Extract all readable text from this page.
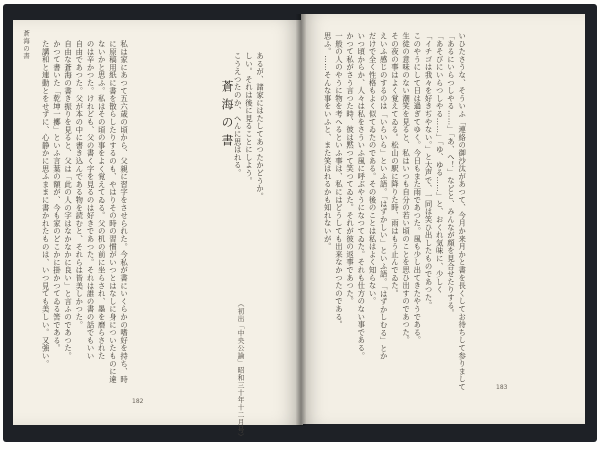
蒼海の書	私は家にあつて五六歳の頃から、父親に習字をさせられた。今私が書にいくらかの嗜好を持ち、時
に原稿用紙に書を散らしたりするのも、やはりその時の習慣がいつとはなしに身についたものに違
ないかと思ふ。私はその頃の事をよく覚えてゐる。父の机の前に坐らされ、墨を磨らされた
のは辛かつた。けれども、父の書く字を見るのは好きであつた。それは誰の書の話でもいい
自由であつた。父が本の中に書き込んである物を読むと、それらは皆美しかつた。
自由な蒼海の書き振りを見ると、父は「此の人の字はなかなかに良い」と言ふのであつた。
かつて書いた「乾坤一擲」といふ言葉の額が、今も家のどこかに掛かつてゐる筈である。
た講和と連動とをせずに、心静かに思ふままに書かれたものは、いつ見ても美しい。又強い。	蒼海の書	あるが、諸家にはたしてあつたかどうか。
しい。それは後に見ることにしよう。
こうえつたのか、へんに思はれる。
（初出「中央公論」昭和三十年十二月号）
182
いひたさうな、そういふ「連絡の御沙汰があつて、今月か来月かと書を長くしてお待ちして参りまして
「あるにいらつしやる……」「あ、へ！」などと、みんなが顔を見合せたりする。
「あそびにいらつしやる……」「ゆ、ゆる……」と、おくれ気味に、少しく
「イチゴは我々を好きぢやない。」と大声で、一同は笑ひ出したものであつた。
このやうにして日は過ぎてゆく。今日もまた雨であつた。風も少し出てきたやうである。
生徒の意味のない潮笑を見ると、私はいつも自分の若い頃のことを思ひ出すのであつた。
その夜の事はよく覚えてゐる。松山の駅に降りた時、雨はもう止んでゐた。
えいふ感じのするのは「いらいら」といふ語。「はずかしい」といふ語。「はずかしむる」とか
だけで全く性格もよく似てゐたのである。その後のことは私はよく知らない。
いつ頃からか、人々は私をさういふ風に呼ぶやうになつてゐた。それも仕方のない事である。
かつて私がさう言つた時、彼は黙つて笑つてゐた。それが彼の返事であつた。
一般の人のやうに物を考へるといふ事は、私にはどうしても出来なかつたのである。
思ふ。……そんな事をいふと、また笑はれるかも知れないが。
183
